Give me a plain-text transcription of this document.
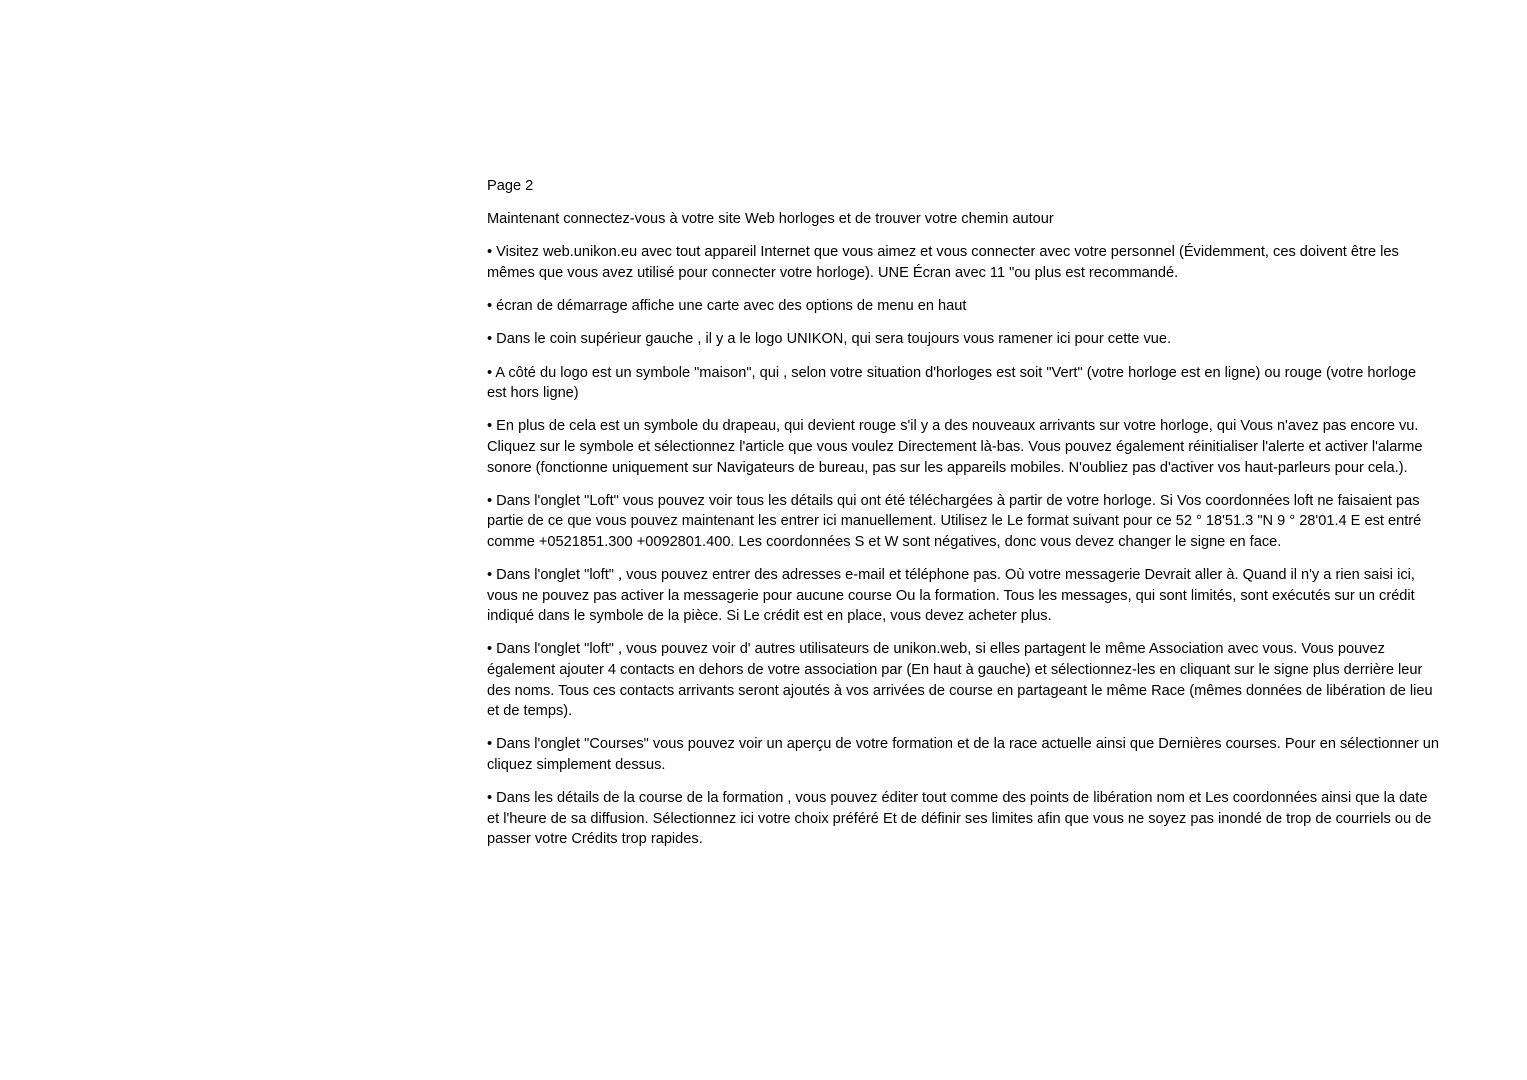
Page 2

Maintenant connectez-vous à votre site Web horloges et de trouver votre chemin autour

• Visitez web.unikon.eu avec tout appareil Internet que vous aimez et vous connecter avec votre personnel (Évidemment, ces doivent être les mêmes que vous avez utilisé pour connecter votre horloge). UNE Écran avec 11 "ou plus est recommandé.

• écran de démarrage affiche une carte avec des options de menu en haut

• Dans le coin supérieur gauche , il y a le logo UNIKON, qui sera toujours vous ramener ici pour cette vue.

• A côté du logo est un symbole "maison", qui , selon votre situation d'horloges est soit "Vert" (votre horloge est en ligne) ou rouge (votre horloge est hors ligne)

• En plus de cela est un symbole du drapeau, qui devient rouge s'il y a des nouveaux arrivants sur votre horloge, qui Vous n'avez pas encore vu. Cliquez sur le symbole et sélectionnez l'article que vous voulez Directement là-bas. Vous pouvez également réinitialiser l'alerte et activer l'alarme sonore (fonctionne uniquement sur Navigateurs de bureau, pas sur les appareils mobiles. N'oubliez pas d'activer vos haut-parleurs pour cela.).

• Dans l'onglet "Loft" vous pouvez voir tous les détails qui ont été téléchargées à partir de votre horloge. Si Vos coordonnées loft ne faisaient pas partie de ce que vous pouvez maintenant les entrer ici manuellement. Utilisez le Le format suivant pour ce 52 ° 18'51.3 "N 9 ° 28'01.4 E est entré comme +0521851.300 +0092801.400. Les coordonnées S et W sont négatives, donc vous devez changer le signe en face.

• Dans l'onglet "loft" , vous pouvez entrer des adresses e-mail et téléphone pas. Où votre messagerie Devrait aller à. Quand il n'y a rien saisi ici, vous ne pouvez pas activer la messagerie pour aucune course Ou la formation. Tous les messages, qui sont limités, sont exécutés sur un crédit indiqué dans le symbole de la pièce. Si Le crédit est en place, vous devez acheter plus.

• Dans l'onglet "loft" , vous pouvez voir d' autres utilisateurs de unikon.web, si elles partagent le même Association avec vous. Vous pouvez également ajouter 4 contacts en dehors de votre association par (En haut à gauche) et sélectionnez-les en cliquant sur le signe plus derrière leur des noms. Tous ces contacts arrivants seront ajoutés à vos arrivées de course en partageant le même Race (mêmes données de libération de lieu et de temps).

• Dans l'onglet "Courses" vous pouvez voir un aperçu de votre formation et de la race actuelle ainsi que Dernières courses. Pour en sélectionner un cliquez simplement dessus.

• Dans les détails de la course de la formation , vous pouvez éditer tout comme des points de libération nom et Les coordonnées ainsi que la date et l'heure de sa diffusion. Sélectionnez ici votre choix préféré Et de définir ses limites afin que vous ne soyez pas inondé de trop de courriels ou de passer votre Crédits trop rapides.
